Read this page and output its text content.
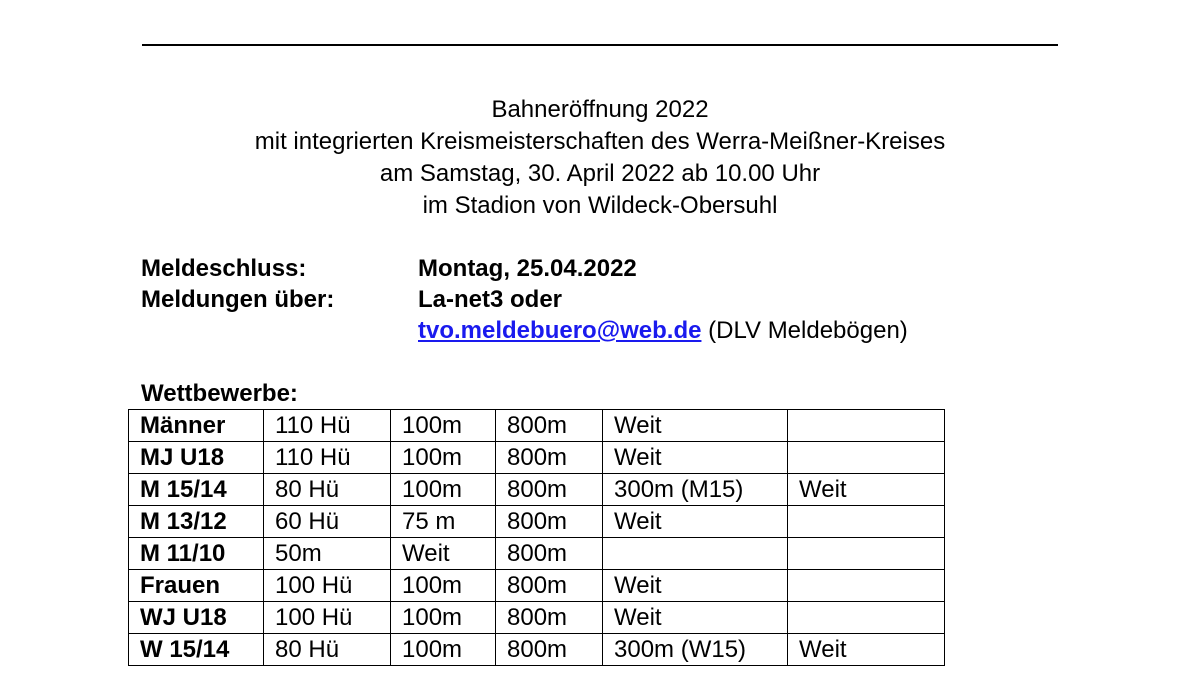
Bahneröffnung 2022
mit integrierten Kreismeisterschaften des Werra-Meißner-Kreises
am Samstag, 30. April 2022 ab 10.00 Uhr
im Stadion von Wildeck-Obersuhl
Meldeschluss:	Montag, 25.04.2022
Meldungen über:	La-net3 oder
tvo.meldebuero@web.de (DLV Meldebögen)
Wettbewerbe:
Männer	110 Hü	100m	800m	Weit	
MJ U18	110 Hü	100m	800m	Weit	
M 15/14	80 Hü	100m	800m	300m (M15)	Weit
M 13/12	60 Hü	75 m	800m	Weit	
M 11/10	50m	Weit	800m		
Frauen	100 Hü	100m	800m	Weit	
WJ U18	100 Hü	100m	800m	Weit	
W 15/14	80 Hü	100m	800m	300m (W15)	Weit
